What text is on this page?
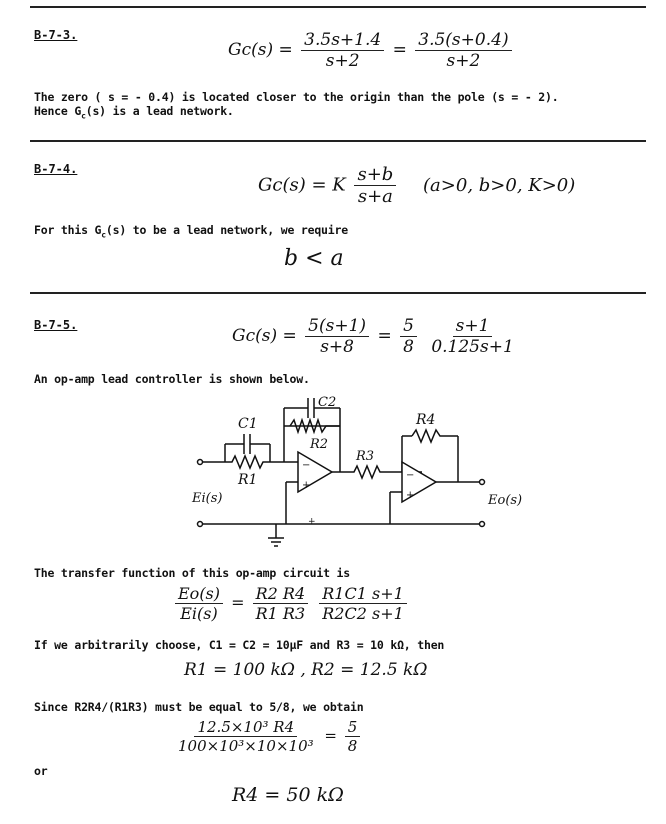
B-7-3.
$Gc(s) = \frac{3.5s+1.4}{s+2} = \frac{3.5(s+0.4)}{s+2}$
The zero ( s = - 0.4) is located closer to the origin than the pole (s = - 2).
Hence $G_c(s)$ is a lead network.
B-7-4.
Gc(s) = K $\frac{s+b}{s+a} (a>0$, b>0, K>0)
For this $G_c(s)$ to be a lead network, we require
b < a
B-7-5.
$Gc(s) = \frac{5(s+1)}{s+8} = \frac{5}{8}$
$\frac{s+1}{0.125s+1}$
An op-amp lead controller is shown below.
+
−
+
−
+
C1
C2
R1
R2
R3
R4
Ei(s)	Eo(s)
The transfer function of this op-amp circuit is
$\frac{Eo(s)}{Ei(s)} = \frac{R2 R4}{R1 R3}$
$\frac{R1C1 s+1}{R2C2 s+1}$
If we arbitrarily choose, C1 = C2 = 10µF and R3 = 10 kΩ, then
R1 = 100 kΩ , R2 = 12.5 kΩ
Since R2R4/(R1R3) must be equal to 5/8, we obtain
$\frac{\text{12.5×10³ R4}}{\text{100×10³×10×10³}} = \frac{5}{8}$
or
R4 = 50 kΩ
